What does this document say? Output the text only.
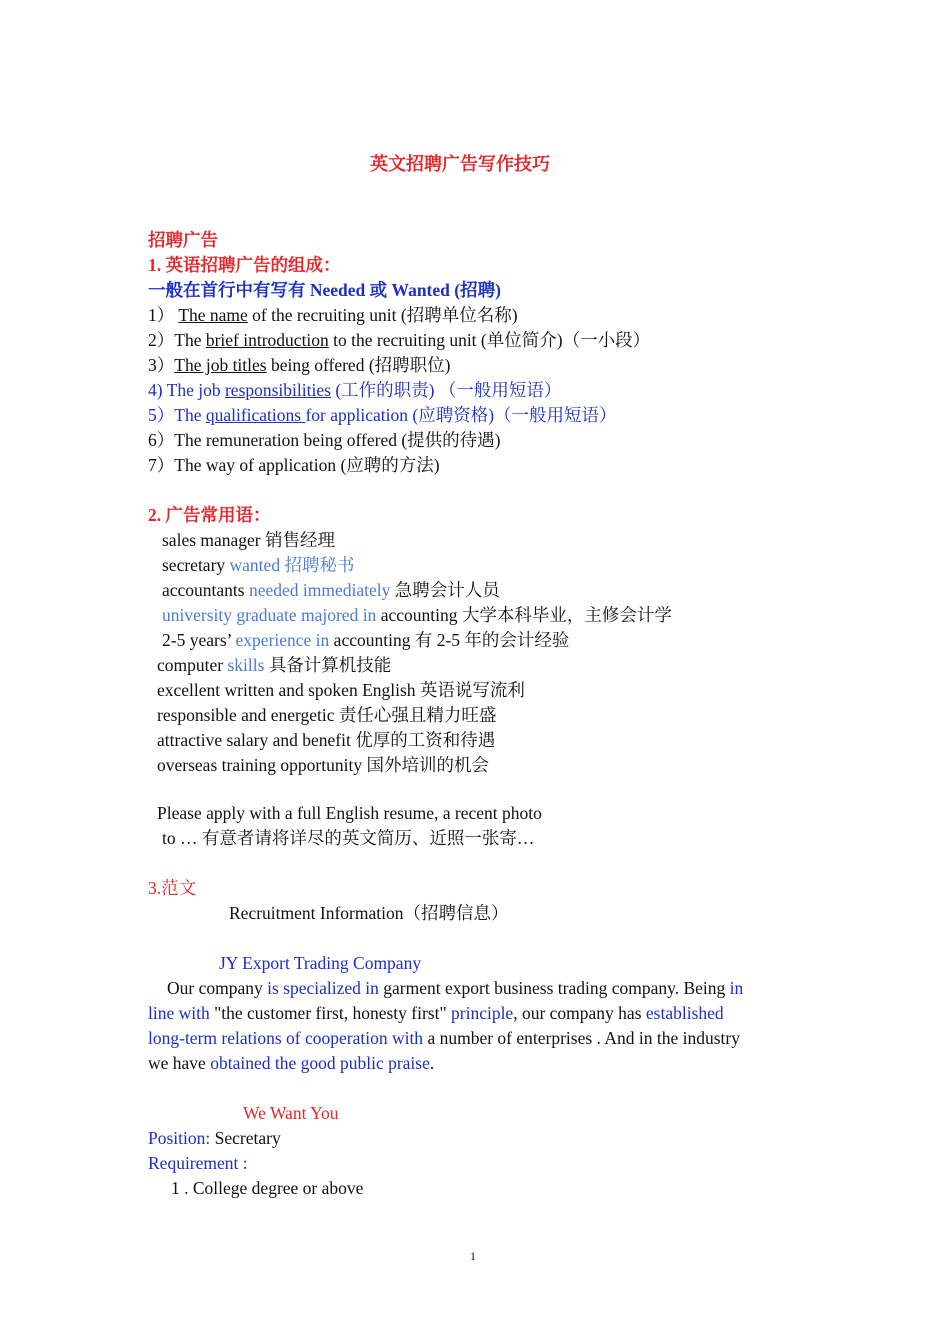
英文招聘广告写作技巧
招聘广告
1. 英语招聘广告的组成：
一般在首行中有写有 Needed 或 Wanted (招聘)
1） The name of the recruiting unit (招聘单位名称)
2）The brief introduction to the recruiting unit (单位简介)（一小段）
3）The job titles being offered (招聘职位)
4) The job responsibilities (工作的职责) （一般用短语）
5）The qualifications for application (应聘资格)（一般用短语）
6）The remuneration being offered (提供的待遇)
7）The way of application (应聘的方法)
2. 广告常用语：
sales manager 销售经理
secretary wanted 招聘秘书
accountants needed immediately 急聘会计人员
university graduate majored in accounting 大学本科毕业，主修会计学
2-5 years’ experience in accounting 有 2-5 年的会计经验
computer skills 具备计算机技能
excellent written and spoken English 英语说写流利
responsible and energetic 责任心强且精力旺盛
attractive salary and benefit 优厚的工资和待遇
overseas training opportunity 国外培训的机会
Please apply with a full English resume, a recent photo
to … 有意者请将详尽的英文简历、近照一张寄…
3.范文
Recruitment Information（招聘信息）
JY Export Trading Company
Our company is specialized in garment export business trading company. Being in
line with "the customer first, honesty first" principle, our company has established
long-term relations of cooperation with a number of enterprises . And in the industry
we have obtained the good public praise.
We Want You
Position: Secretary
Requirement :
1 . College degree or above
1
